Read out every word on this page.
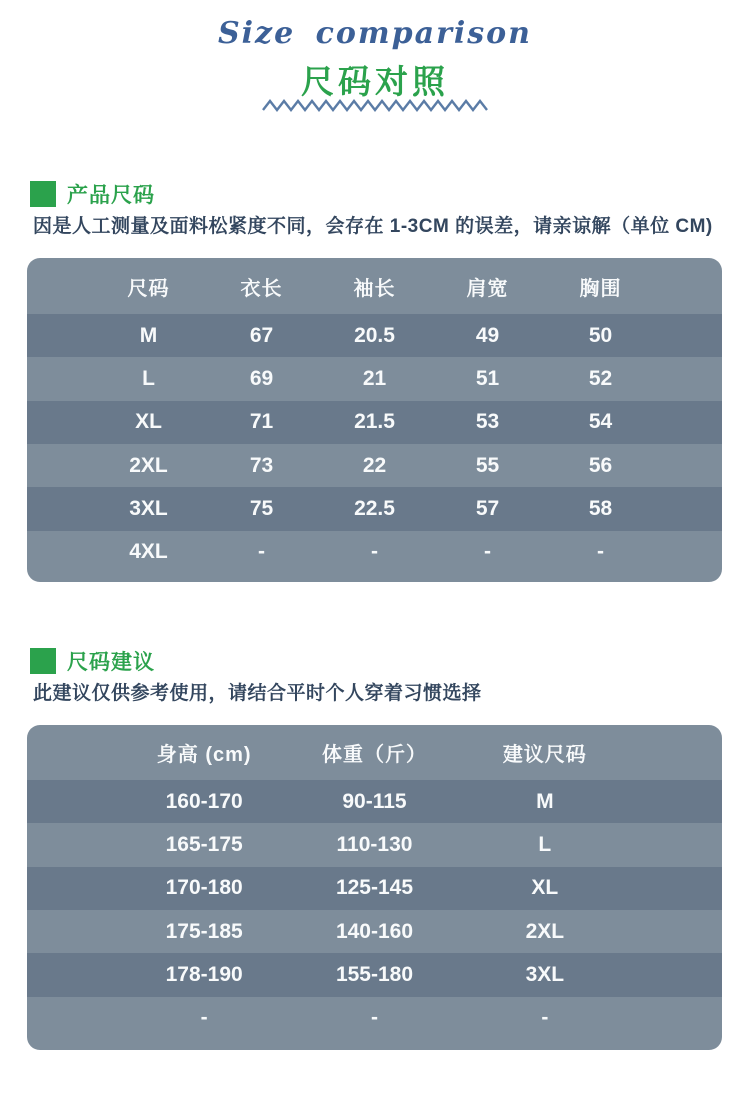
Size comparison
尺码对照
产品尺码
因是人工测量及面料松紧度不同，会存在 1-3CM 的误差，请亲谅解（单位 CM)
尺码	衣长	袖长	肩宽	胸围
M	67	20.5	49	50
L	69	21	51	52
XL	71	21.5	53	54
2XL	73	22	55	56
3XL	75	22.5	57	58
4XL	-	-	-	-
尺码建议
此建议仅供参考使用，请结合平时个人穿着习惯选择
身高 (cm)	体重（斤）	建议尺码
160-170	90-115	M
165-175	110-130	L
170-180	125-145	XL
175-185	140-160	2XL
178-190	155-180	3XL
-	-	-
